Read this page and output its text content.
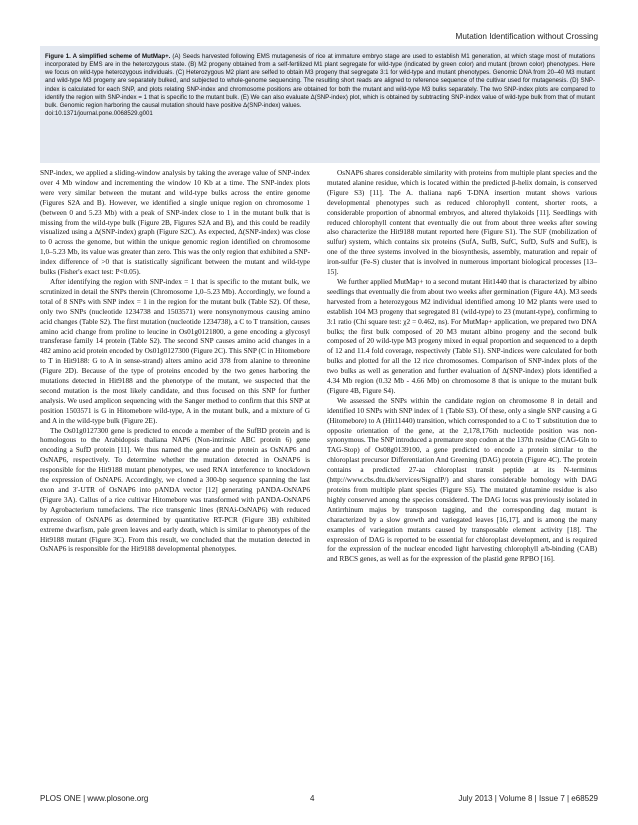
Mutation Identification without Crossing

Figure 1. A simplified scheme of MutMap+. (A) Seeds harvested following EMS mutagenesis of rice at immature embryo stage are used to establish M1 generation, at which stage most of mutations incorporated by EMS are in the heterozygous state. (B) M2 progeny obtained from a self-fertilized M1 plant segregate for wild-type (indicated by green color) and mutant (brown color) phenotypes. Here we focus on wild-type heterozygous individuals. (C) Heterozygous M2 plant are selfed to obtain M3 progeny that segregate 3:1 for wild-type and mutant phenotypes. Genomic DNA from 20–40 M3 mutant and wild-type M3 progeny are separately bulked, and subjected to whole-genome sequencing. The resulting short reads are aligned to reference sequence of the cultivar used for mutagenesis. (D) SNP-index is calculated for each SNP, and plots relating SNP-index and chromosome positions are obtained for both the mutant and wild-type M3 bulks separately. The two SNP-index plots are compared to identify the region with SNP-index = 1 that is specific to the mutant bulk. (E) We can also evaluate Δ(SNP-index) plot, which is obtained by subtracting SNP-index value of wild-type bulk from that of mutant bulk. Genomic region harboring the causal mutation should have positive Δ(SNP-index) values.

doi:10.1371/journal.pone.0068529.g001

SNP-index, we applied a sliding-window analysis by taking the average value of SNP-index over 4 Mb window and incrementing the window 10 Kb at a time. The SNP-index plots were very similar between the mutant and wild-type bulks across the entire genome (Figures S2A and B). However, we identified a single unique region on chromosome 1 (between 0 and 5.23 Mb) with a peak of SNP-index close to 1 in the mutant bulk that is missing from the wild-type bulk (Figure 2B, Figures S2A and B), and this could be readily visualized using a Δ(SNP-index) graph (Figure S2C). As expected, Δ(SNP-index) was close to 0 across the genome, but within the unique genomic region identified on chromosome 1,0–5.23 Mb, its value was greater than zero. This was the only region that exhibited a SNP-index difference of >0 that is statistically significant between the mutant and wild-type bulks (Fisher's exact test: P<0.05).

After identifying the region with SNP-index = 1 that is specific to the mutant bulk, we scrutinized in detail the SNPs therein (Chromosome 1,0–5.23 Mb). Accordingly, we found a total of 8 SNPs with SNP index = 1 in the region for the mutant bulk (Table S2). Of these, only two SNPs (nucleotide 1234738 and 1503571) were nonsynonymous causing amino acid changes (Table S2). The first mutation (nucleotide 1234738), a C to T transition, causes amino acid change from proline to leucine in Os01g0121800, a gene encoding a glycosyl transferase family 14 protein (Table S2). The second SNP causes amino acid changes in a 482 amino acid protein encoded by Os01g0127300 (Figure 2C). This SNP (C in Hitomebore to T in Hit9188: G to A in sense-strand) alters amino acid 378 from alanine to threonine (Figure 2D). Because of the type of proteins encoded by the two genes harboring the mutations detected in Hit9188 and the phenotype of the mutant, we suspected that the second mutation is the most likely candidate, and thus focused on this SNP for further analysis. We used amplicon sequencing with the Sanger method to confirm that this SNP at position 1503571 is G in Hitomebore wild-type, A in the mutant bulk, and a mixture of G and A in the wild-type bulk (Figure 2E).

The Os01g0127300 gene is predicted to encode a member of the SufBD protein and is homologous to the Arabidopsis thaliana NAP6 (Non-intrinsic ABC protein 6) gene encoding a SufD protein [11]. We thus named the gene and the protein as OsNAP6 and OsNAP6, respectively. To determine whether the mutation detected in OsNAP6 is responsible for the Hit9188 mutant phenotypes, we used RNA interference to knockdown the expression of OsNAP6. Accordingly, we cloned a 300-bp sequence spanning the last exon and 3′-UTR of OsNAP6 into pANDA vector [12] generating pANDA-OsNAP6 (Figure 3A). Callus of a rice cultivar Hitomebore was transformed with pANDA-OsNAP6 by Agrobacterium tumefaciens. The rice transgenic lines (RNAi-OsNAP6) with reduced expression of OsNAP6 as determined by quantitative RT-PCR (Figure 3B) exhibited extreme dwarfism, pale green leaves and early death, which is similar to phenotypes of the Hit9188 mutant (Figure 3C). From this result, we concluded that the mutation detected in OsNAP6 is responsible for the Hit9188 developmental phenotypes.

OsNAP6 shares considerable similarity with proteins from multiple plant species and the mutated alanine residue, which is located within the predicted β-helix domain, is conserved (Figure S3) [11]. The A. thaliana nap6 T-DNA insertion mutant shows various developmental phenotypes such as reduced chlorophyll content, shorter roots, a considerable proportion of abnormal embryos, and altered thylakoids [11]. Seedlings with reduced chlorophyll content that eventually die out from about three weeks after sowing also characterize the Hit9188 mutant reported here (Figure S1). The SUF (mobilization of sulfur) system, which contains six proteins (SufA, SufB, SufC, SufD, SufS and SufE), is one of the three systems involved in the biosynthesis, assembly, maturation and repair of iron-sulfur (Fe-S) cluster that is involved in numerous important biological processes [13–15].

We further applied MutMap+ to a second mutant Hit1440 that is characterized by albino seedlings that eventually die from about two weeks after germination (Figure 4A). M3 seeds harvested from a heterozygous M2 individual identified among 10 M2 plants were used to establish 104 M3 progeny that segregated 81 (wild-type) to 23 (mutant-type), confirming to 3:1 ratio (Chi square test: χ2 = 0.462, ns). For MutMap+ application, we prepared two DNA bulks; the first bulk composed of 20 M3 mutant albino progeny and the second bulk composed of 20 wild-type M3 progeny mixed in equal proportion and sequenced to a depth of 12 and 11.4 fold coverage, respectively (Table S1). SNP-indices were calculated for both bulks and plotted for all the 12 rice chromosomes. Comparison of SNP-index plots of the two bulks as well as generation and further evaluation of Δ(SNP-index) plots identified a 4.34 Mb region (0.32 Mb - 4.66 Mb) on chromosome 8 that is unique to the mutant bulk (Figure 4B, Figure S4).

We assessed the SNPs within the candidate region on chromosome 8 in detail and identified 10 SNPs with SNP index of 1 (Table S3). Of these, only a single SNP causing a G (Hitomebore) to A (Hit11440) transition, which corresponded to a C to T substitution due to opposite orientation of the gene, at the 2,178,176th nucleotide position was non-synonymous. The SNP introduced a premature stop codon at the 137th residue (CAG-Gln to TAG-Stop) of Os08g0139100, a gene predicted to encode a protein similar to the chloroplast precursor Differentiation And Greening (DAG) protein (Figure 4C). The protein contains a predicted 27-aa chloroplast transit peptide at its N-terminus (http://www.cbs.dtu.dk/services/SignalP/) and shares considerable homology with DAG proteins from multiple plant species (Figure S5). The mutated glutamine residue is also highly conserved among the species considered. The DAG locus was previously isolated in Antirrhinum majus by transposon tagging, and the corresponding dag mutant is characterized by a slow growth and variegated leaves [16,17], and is among the many examples of variegation mutants caused by transposable element activity [18]. The expression of DAG is reported to be essential for chloroplast development, and is required for the expression of the nuclear encoded light harvesting chlorophyll a/b-binding (CAB) and RBCS genes, as well as for the expression of the plastid gene RPBO [16].

PLOS ONE | www.plosone.org	4	July 2013 | Volume 8 | Issue 7 | e68529
